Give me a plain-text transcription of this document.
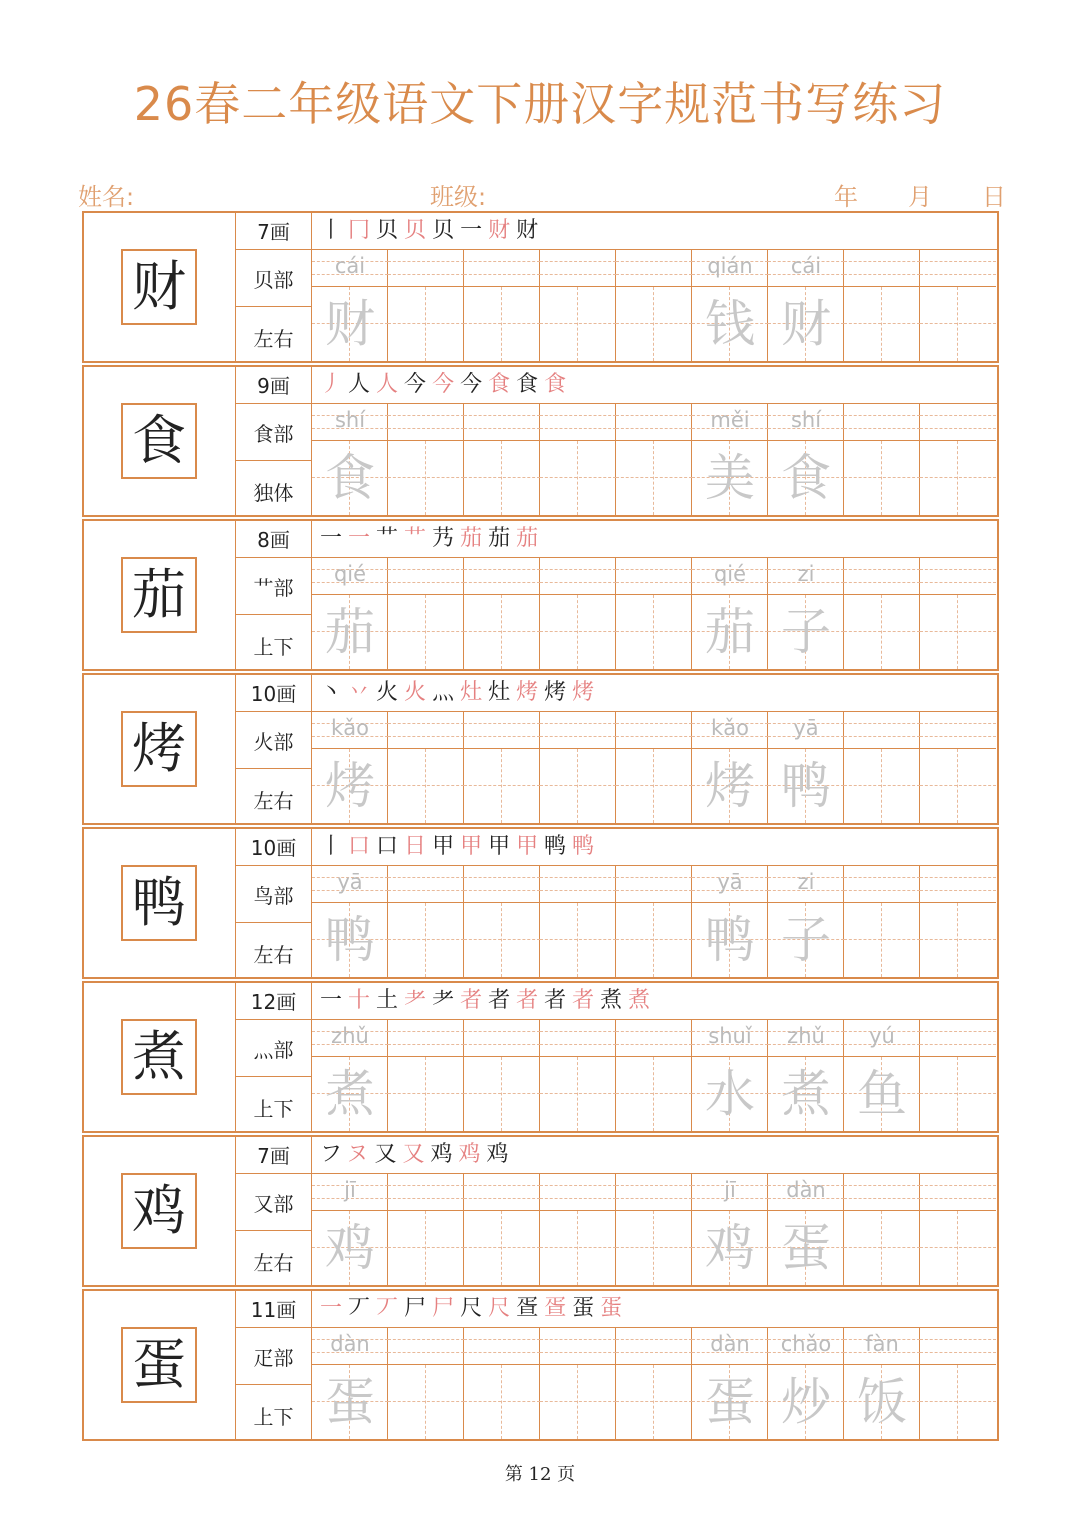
26春二年级语文下册汉字规范书写练习
姓名:	班级:	年 月 日
财
7画
贝部
左右
丨冂贝贝贝一财财
cái
财
qián
钱
cái
财
食
9画
食部
独体
丿人人今今今食食食
shí
食
měi
美
shí
食
茄
8画
艹部
上下
一一艹艹艿茄茄茄
qié
茄
qié
茄
zi
子
烤
10画
火部
左右
丶丷火火灬灶灶烤烤烤
kǎo
烤
kǎo
烤
yā
鸭
鸭
10画
鸟部
左右
丨口口日甲甲甲甲鸭鸭
yā
鸭
yā
鸭
zi
子
煮
12画
灬部
上下
一十土耂耂者者者者者煮煮
zhǔ
煮
shuǐ
水
zhǔ
煮
yú
鱼
鸡
7画
又部
左右
フヌ又又鸡鸡鸡
jī
鸡
jī
鸡
dàn
蛋
蛋
11画
疋部
上下
一丆丆尸尸尺尺疍疍蛋蛋
dàn
蛋
dàn
蛋
chǎo
炒
fàn
饭
第 12 页
